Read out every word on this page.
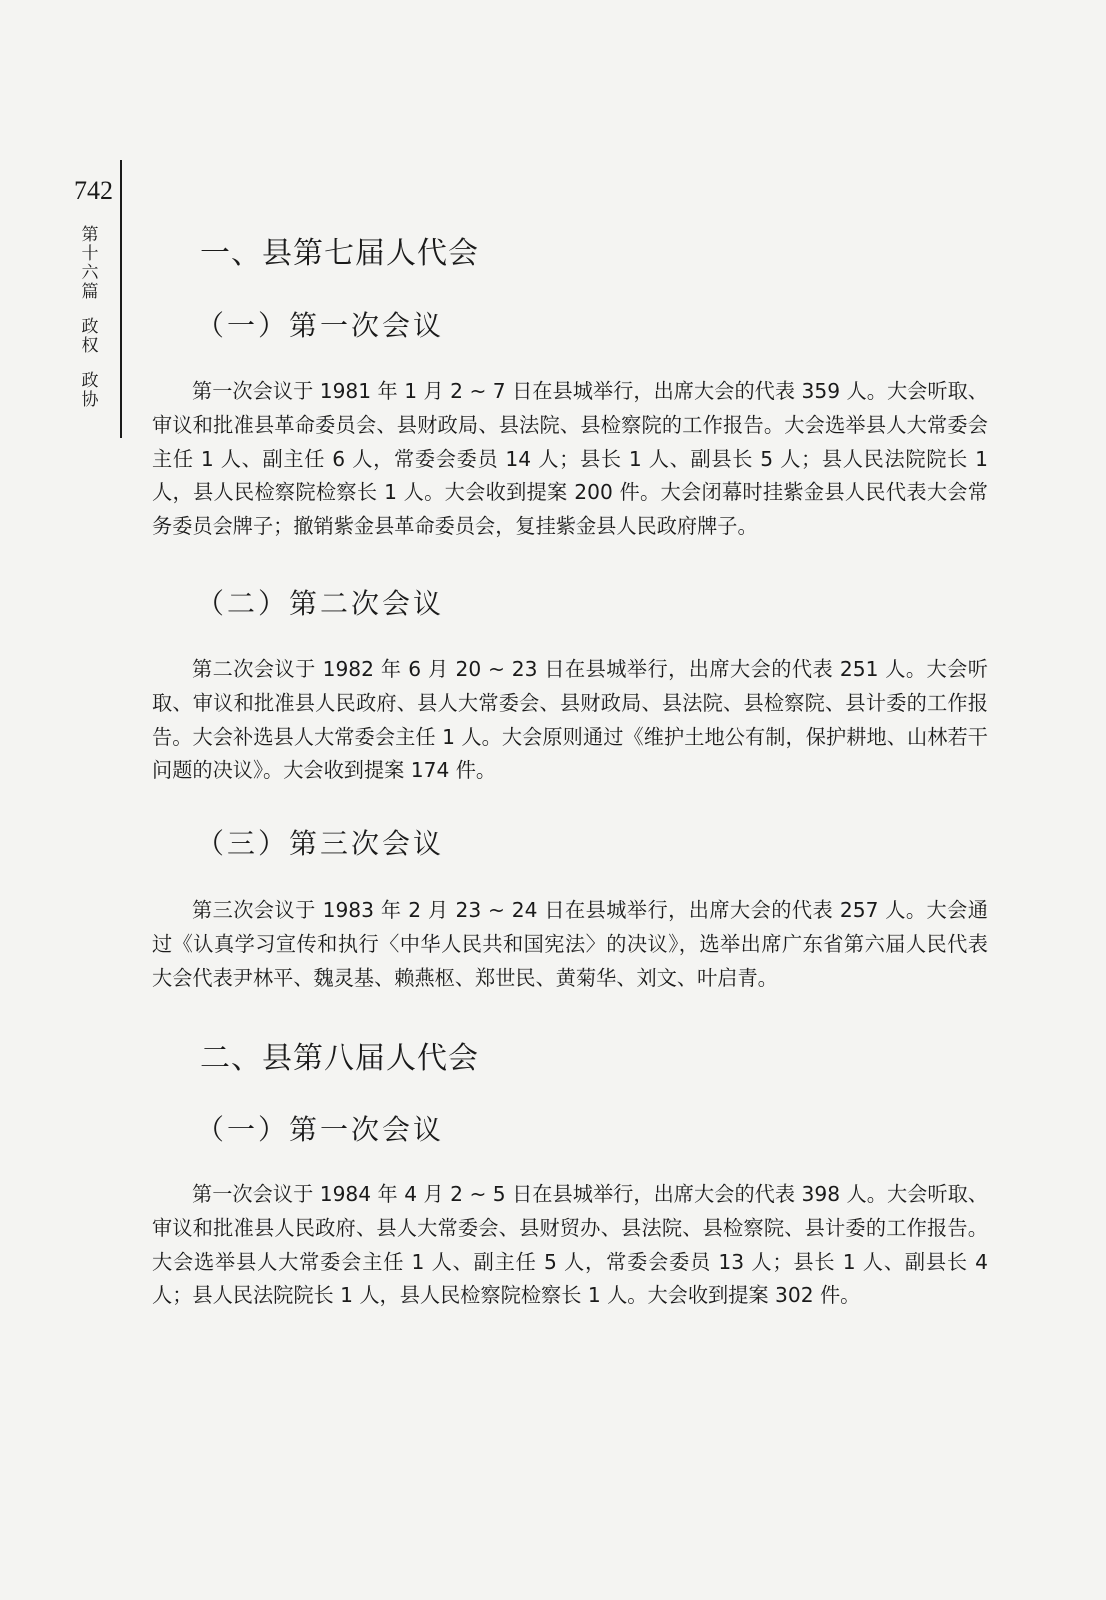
742
第十六篇
政权
政协
一、县第七届人代会
（一）第一次会议
第一次会议于 1981 年 1 月 2 ~ 7 日在县城举行，出席大会的代表 359 人。大会听取、审议和批准县革命委员会、县财政局、县法院、县检察院的工作报告。大会选举县人大常委会主任 1 人、副主任 6 人，常委会委员 14 人；县长 1 人、副县长 5 人；县人民法院院长 1 人，县人民检察院检察长 1 人。大会收到提案 200 件。大会闭幕时挂紫金县人民代表大会常务委员会牌子；撤销紫金县革命委员会，复挂紫金县人民政府牌子。
（二）第二次会议
第二次会议于 1982 年 6 月 20 ~ 23 日在县城举行，出席大会的代表 251 人。大会听取、审议和批准县人民政府、县人大常委会、县财政局、县法院、县检察院、县计委的工作报告。大会补选县人大常委会主任 1 人。大会原则通过《维护土地公有制，保护耕地、山林若干问题的决议》。大会收到提案 174 件。
（三）第三次会议
第三次会议于 1983 年 2 月 23 ~ 24 日在县城举行，出席大会的代表 257 人。大会通过《认真学习宣传和执行〈中华人民共和国宪法〉的决议》，选举出席广东省第六届人民代表大会代表尹林平、魏灵基、赖燕枢、郑世民、黄菊华、刘文、叶启青。
二、县第八届人代会
（一）第一次会议
第一次会议于 1984 年 4 月 2 ~ 5 日在县城举行，出席大会的代表 398 人。大会听取、审议和批准县人民政府、县人大常委会、县财贸办、县法院、县检察院、县计委的工作报告。大会选举县人大常委会主任 1 人、副主任 5 人，常委会委员 13 人；县长 1 人、副县长 4 人；县人民法院院长 1 人，县人民检察院检察长 1 人。大会收到提案 302 件。
